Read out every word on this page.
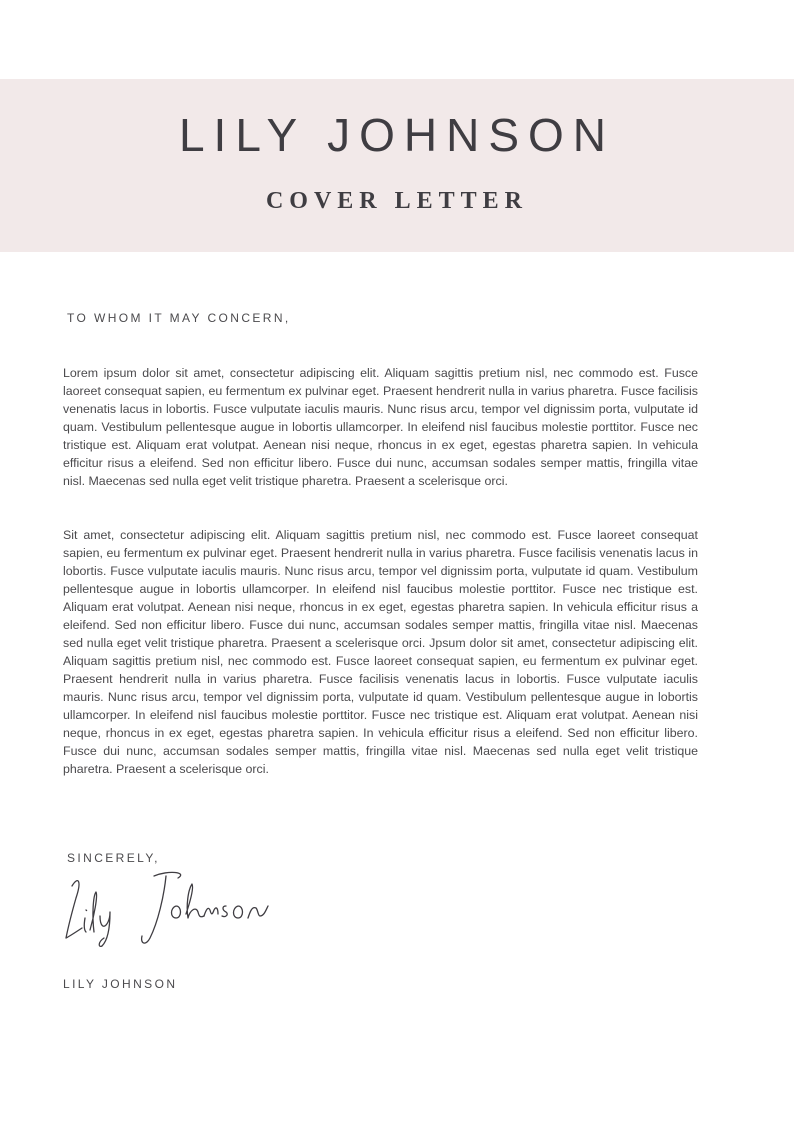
LILY JOHNSON
COVER LETTER
TO WHOM IT MAY CONCERN,

Lorem ipsum dolor sit amet, consectetur adipiscing elit. Aliquam sagittis pretium nisl, nec commodo est. Fusce laoreet consequat sapien, eu fermentum ex pulvinar eget. Praesent hendrerit nulla in varius pharetra. Fusce facilisis venenatis lacus in lobortis. Fusce vulputate iaculis mauris. Nunc risus arcu, tempor vel dignissim porta, vulputate id quam. Vestibulum pellentesque augue in lobortis ullamcorper. In eleifend nisl faucibus molestie porttitor. Fusce nec tristique est. Aliquam erat volutpat. Aenean nisi neque, rhoncus in ex eget, egestas pharetra sapien. In vehicula efficitur risus a eleifend. Sed non efficitur libero. Fusce dui nunc, accumsan sodales semper mattis, fringilla vitae nisl. Maecenas sed nulla eget velit tristique pharetra. Praesent a scelerisque orci.

Sit amet, consectetur adipiscing elit. Aliquam sagittis pretium nisl, nec commodo est. Fusce laoreet consequat sapien, eu fermentum ex pulvinar eget. Praesent hendrerit nulla in varius pharetra. Fusce facilisis venenatis lacus in lobortis. Fusce vulputate iaculis mauris. Nunc risus arcu, tempor vel dignissim porta, vulputate id quam. Vestibulum pellentesque augue in lobortis ullamcorper. In eleifend nisl faucibus molestie porttitor. Fusce nec tristique est. Aliquam erat volutpat. Aenean nisi neque, rhoncus in ex eget, egestas pharetra sapien. In vehicula efficitur risus a eleifend. Sed non efficitur libero. Fusce dui nunc, accumsan sodales semper mattis, fringilla vitae nisl. Maecenas sed nulla eget velit tristique pharetra. Praesent a scelerisque orci. Jpsum dolor sit amet, consectetur adipiscing elit. Aliquam sagittis pretium nisl, nec commodo est. Fusce laoreet consequat sapien, eu fermentum ex pulvinar eget. Praesent hendrerit nulla in varius pharetra. Fusce facilisis venenatis lacus in lobortis. Fusce vulputate iaculis mauris. Nunc risus arcu, tempor vel dignissim porta, vulputate id quam. Vestibulum pellentesque augue in lobortis ullamcorper. In eleifend nisl faucibus molestie porttitor. Fusce nec tristique est. Aliquam erat volutpat. Aenean nisi neque, rhoncus in ex eget, egestas pharetra sapien. In vehicula efficitur risus a eleifend. Sed non efficitur libero. Fusce dui nunc, accumsan sodales semper mattis, fringilla vitae nisl. Maecenas sed nulla eget velit tristique pharetra. Praesent a scelerisque orci.

SINCERELY,
LILY JOHNSON
